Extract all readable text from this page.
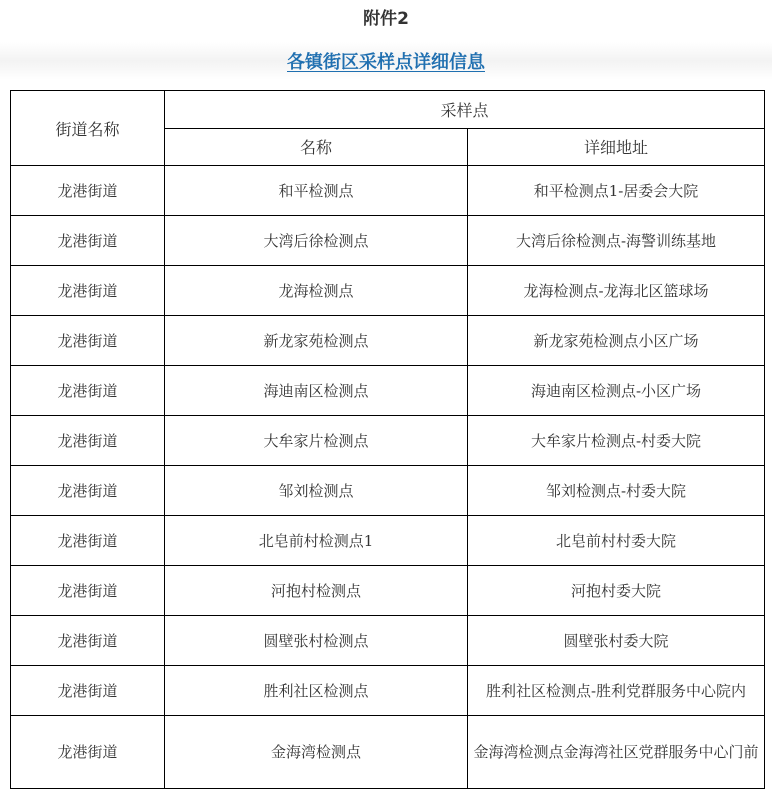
附件2
各镇街区采样点详细信息
街道名称	采样点	
	名称	详细地址
龙港街道	和平检测点	和平检测点1-居委会大院
龙港街道	大湾后徐检测点	大湾后徐检测点-海警训练基地
龙港街道	龙海检测点	龙海检测点-龙海北区篮球场
龙港街道	新龙家苑检测点	新龙家苑检测点小区广场
龙港街道	海迪南区检测点	海迪南区检测点-小区广场
龙港街道	大牟家片检测点	大牟家片检测点-村委大院
龙港街道	邹刘检测点	邹刘检测点-村委大院
龙港街道	北皂前村检测点1	北皂前村村委大院
龙港街道	河抱村检测点	河抱村委大院
龙港街道	圆壁张村检测点	圆壁张村委大院
龙港街道	胜利社区检测点	胜利社区检测点-胜利党群服务中心院内
龙港街道	金海湾检测点	金海湾检测点金海湾社区党群服务中心门前
